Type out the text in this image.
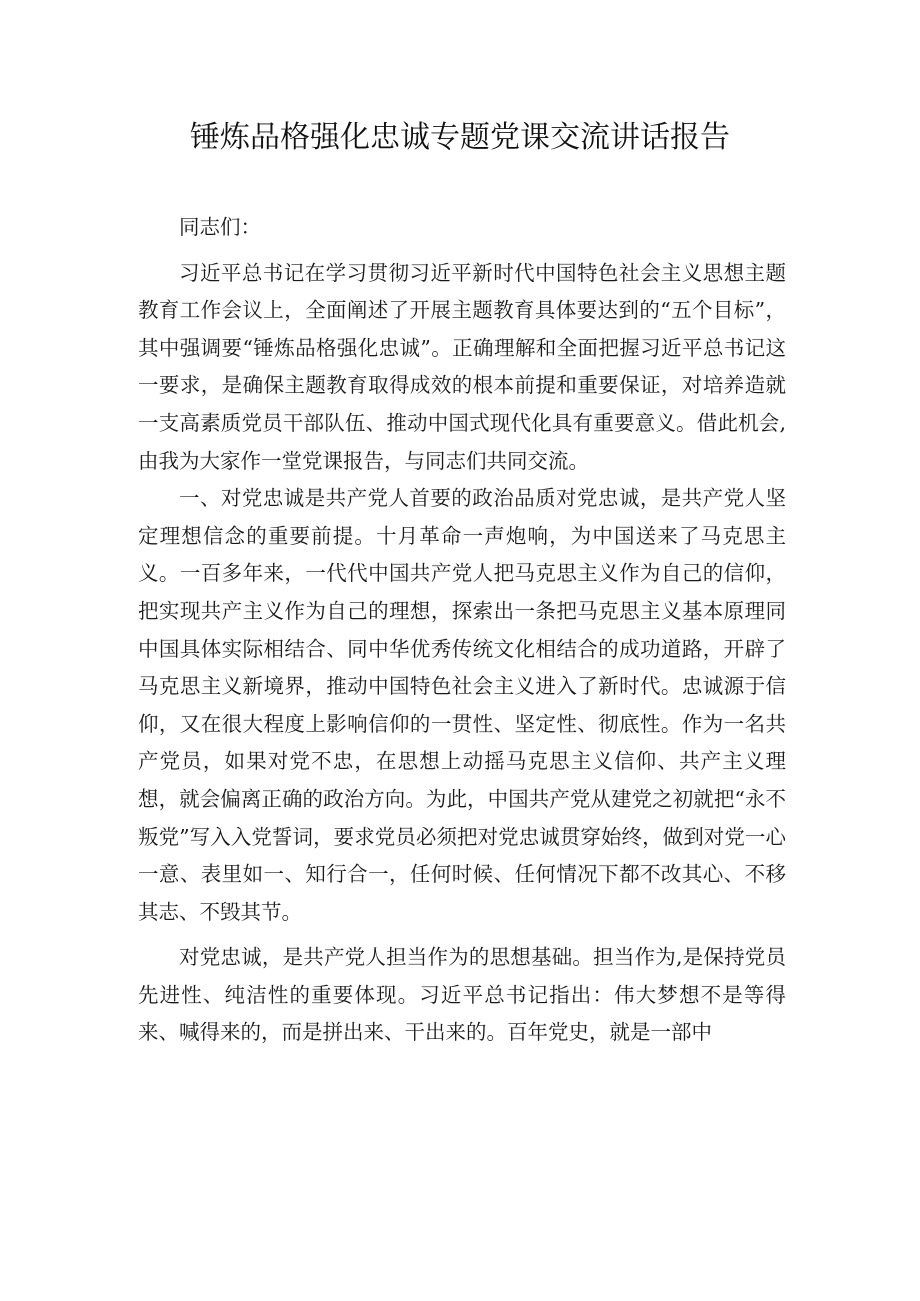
锤炼品格强化忠诚专题党课交流讲话报告

同志们：

习近平总书记在学习贯彻习近平新时代中国特色社会主义思想主题教育工作会议上，全面阐述了开展主题教育具体要达到的“五个目标”，其中强调要“锤炼品格强化忠诚”。正确理解和全面把握习近平总书记这一要求，是确保主题教育取得成效的根本前提和重要保证，对培养造就一支高素质党员干部队伍、推动中国式现代化具有重要意义。借此机会,由我为大家作一堂党课报告，与同志们共同交流。

一、对党忠诚是共产党人首要的政治品质对党忠诚，是共产党人坚定理想信念的重要前提。十月革命一声炮响，为中国送来了马克思主义。一百多年来，一代代中国共产党人把马克思主义作为自己的信仰，把实现共产主义作为自己的理想，探索出一条把马克思主义基本原理同中国具体实际相结合、同中华优秀传统文化相结合的成功道路，开辟了马克思主义新境界，推动中国特色社会主义进入了新时代。忠诚源于信仰，又在很大程度上影响信仰的一贯性、坚定性、彻底性。作为一名共产党员，如果对党不忠，在思想上动摇马克思主义信仰、共产主义理想，就会偏离正确的政治方向。为此，中国共产党从建党之初就把“永不叛党”写入入党誓词，要求党员必须把对党忠诚贯穿始终，做到对党一心一意、表里如一、知行合一，任何时候、任何情况下都不改其心、不移其志、不毁其节。

对党忠诚，是共产党人担当作为的思想基础。担当作为,是保持党员先进性、纯洁性的重要体现。习近平总书记指出：伟大梦想不是等得来、喊得来的，而是拼出来、干出来的。百年党史，就是一部中
